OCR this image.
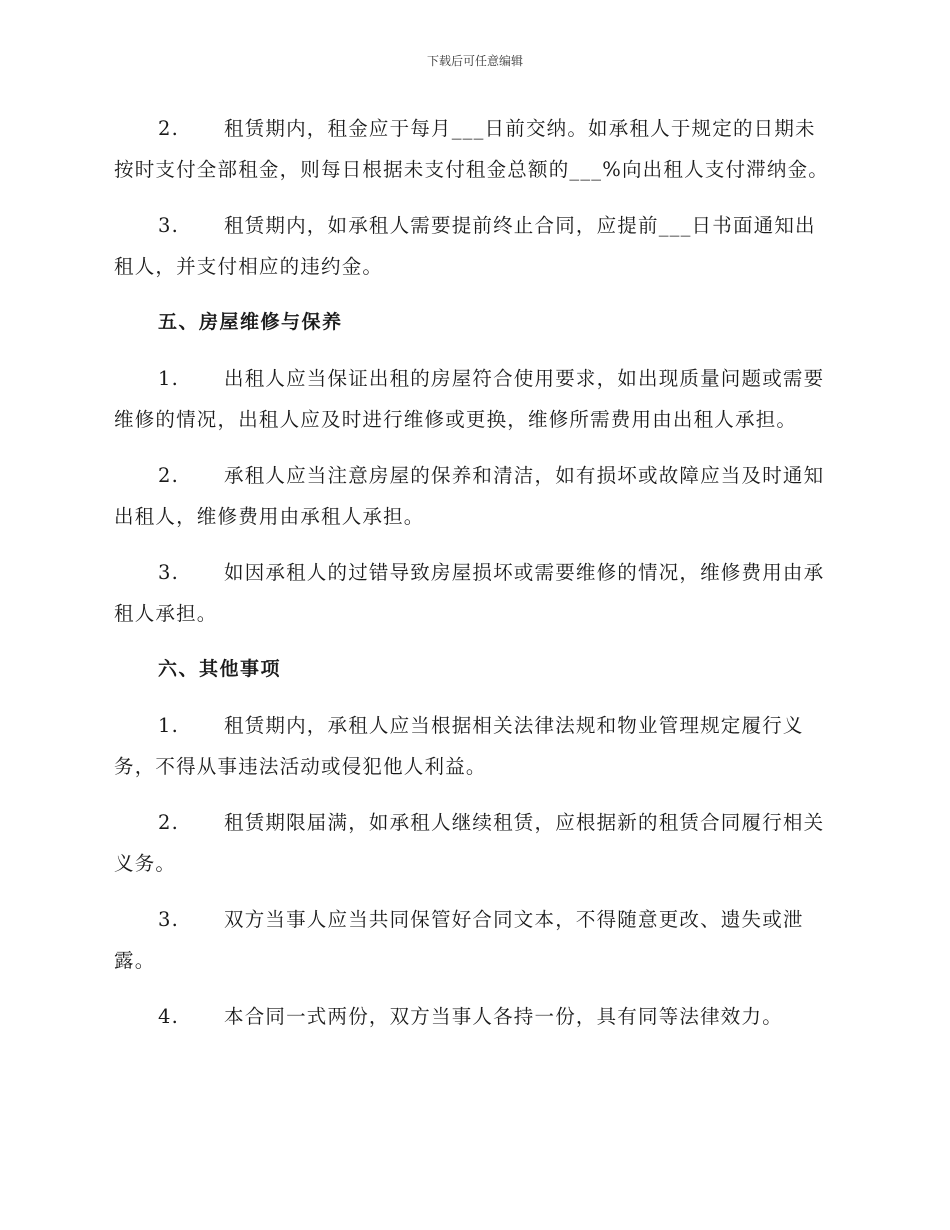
下载后可任意编辑

2. 租赁期内，租金应于每月___日前交纳。如承租人于规定的日期未按时支付全部租金，则每日根据未支付租金总额的___%向出租人支付滞纳金。

3. 租赁期内，如承租人需要提前终止合同，应提前___日书面通知出租人，并支付相应的违约金。

五、房屋维修与保养

1. 出租人应当保证出租的房屋符合使用要求，如出现质量问题或需要维修的情况，出租人应及时进行维修或更换，维修所需费用由出租人承担。

2. 承租人应当注意房屋的保养和清洁，如有损坏或故障应当及时通知出租人，维修费用由承租人承担。

3. 如因承租人的过错导致房屋损坏或需要维修的情况，维修费用由承租人承担。

六、其他事项

1. 租赁期内，承租人应当根据相关法律法规和物业管理规定履行义务，不得从事违法活动或侵犯他人利益。

2. 租赁期限届满，如承租人继续租赁，应根据新的租赁合同履行相关义务。

3. 双方当事人应当共同保管好合同文本，不得随意更改、遗失或泄露。

4. 本合同一式两份，双方当事人各持一份，具有同等法律效力。
